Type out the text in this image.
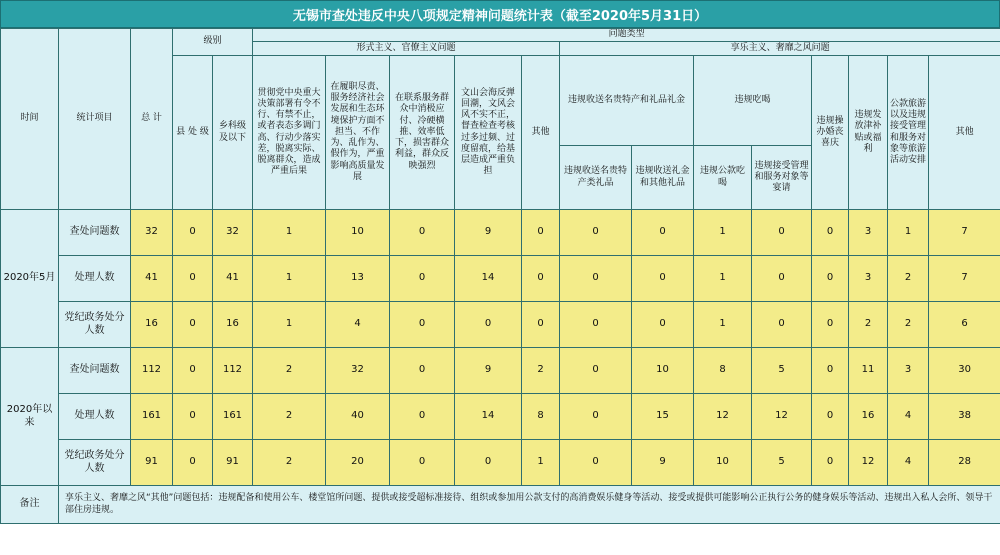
无锡市查处违反中央八项规定精神问题统计表（截至2020年5月31日）
时间	统计项目	总 计	级别		问题类型												
					形式主义、官僚主义问题					享乐主义、奢靡之风问题							
			县 处 级	乡科级及以下	贯彻党中央重大决策部署有令不行、有禁不止，或者表态多调门高、行动少落实差，脱离实际、脱离群众，造成严重后果	在履职尽责、服务经济社会发展和生态环境保护方面不担当、不作为、乱作为、假作为，严重影响高质量发展	在联系服务群众中消极应付、冷硬横推、效率低下，损害群众利益，群众反映强烈	文山会海反弹回潮，文风会风不实不正，督查检查考核过多过频、过度留痕，给基层造成严重负担	其他	违规收送名贵特产和礼品礼金		违规吃喝		违规操办婚丧喜庆	违规发放津补贴或福利	公款旅游以及违规接受管理和服务对象等旅游活动安排	其他
										违规收送名贵特产类礼品	违规收送礼金和其他礼品	违规公款吃喝	违规接受管理和服务对象等宴请				
2020年5月	查处问题数	32	0	32	1	10	0	9	0	0	0	1	0	0	3	1	7
	处理人数	41	0	41	1	13	0	14	0	0	0	1	0	0	3	2	7
	党纪政务处分人数	16	0	16	1	4	0	0	0	0	0	1	0	0	2	2	6
2020年以来	查处问题数	112	0	112	2	32	0	9	2	0	10	8	5	0	11	3	30
	处理人数	161	0	161	2	40	0	14	8	0	15	12	12	0	16	4	38
	党纪政务处分人数	91	0	91	2	20	0	0	1	0	9	10	5	0	12	4	28
备注	享乐主义、奢靡之风“其他”问题包括：违规配备和使用公车、楼堂馆所问题、提供或接受超标准接待、组织或参加用公款支付的高消费娱乐健身等活动、接受或提供可能影响公正执行公务的健身娱乐等活动、违规出入私人会所、领导干部住房违规。																
